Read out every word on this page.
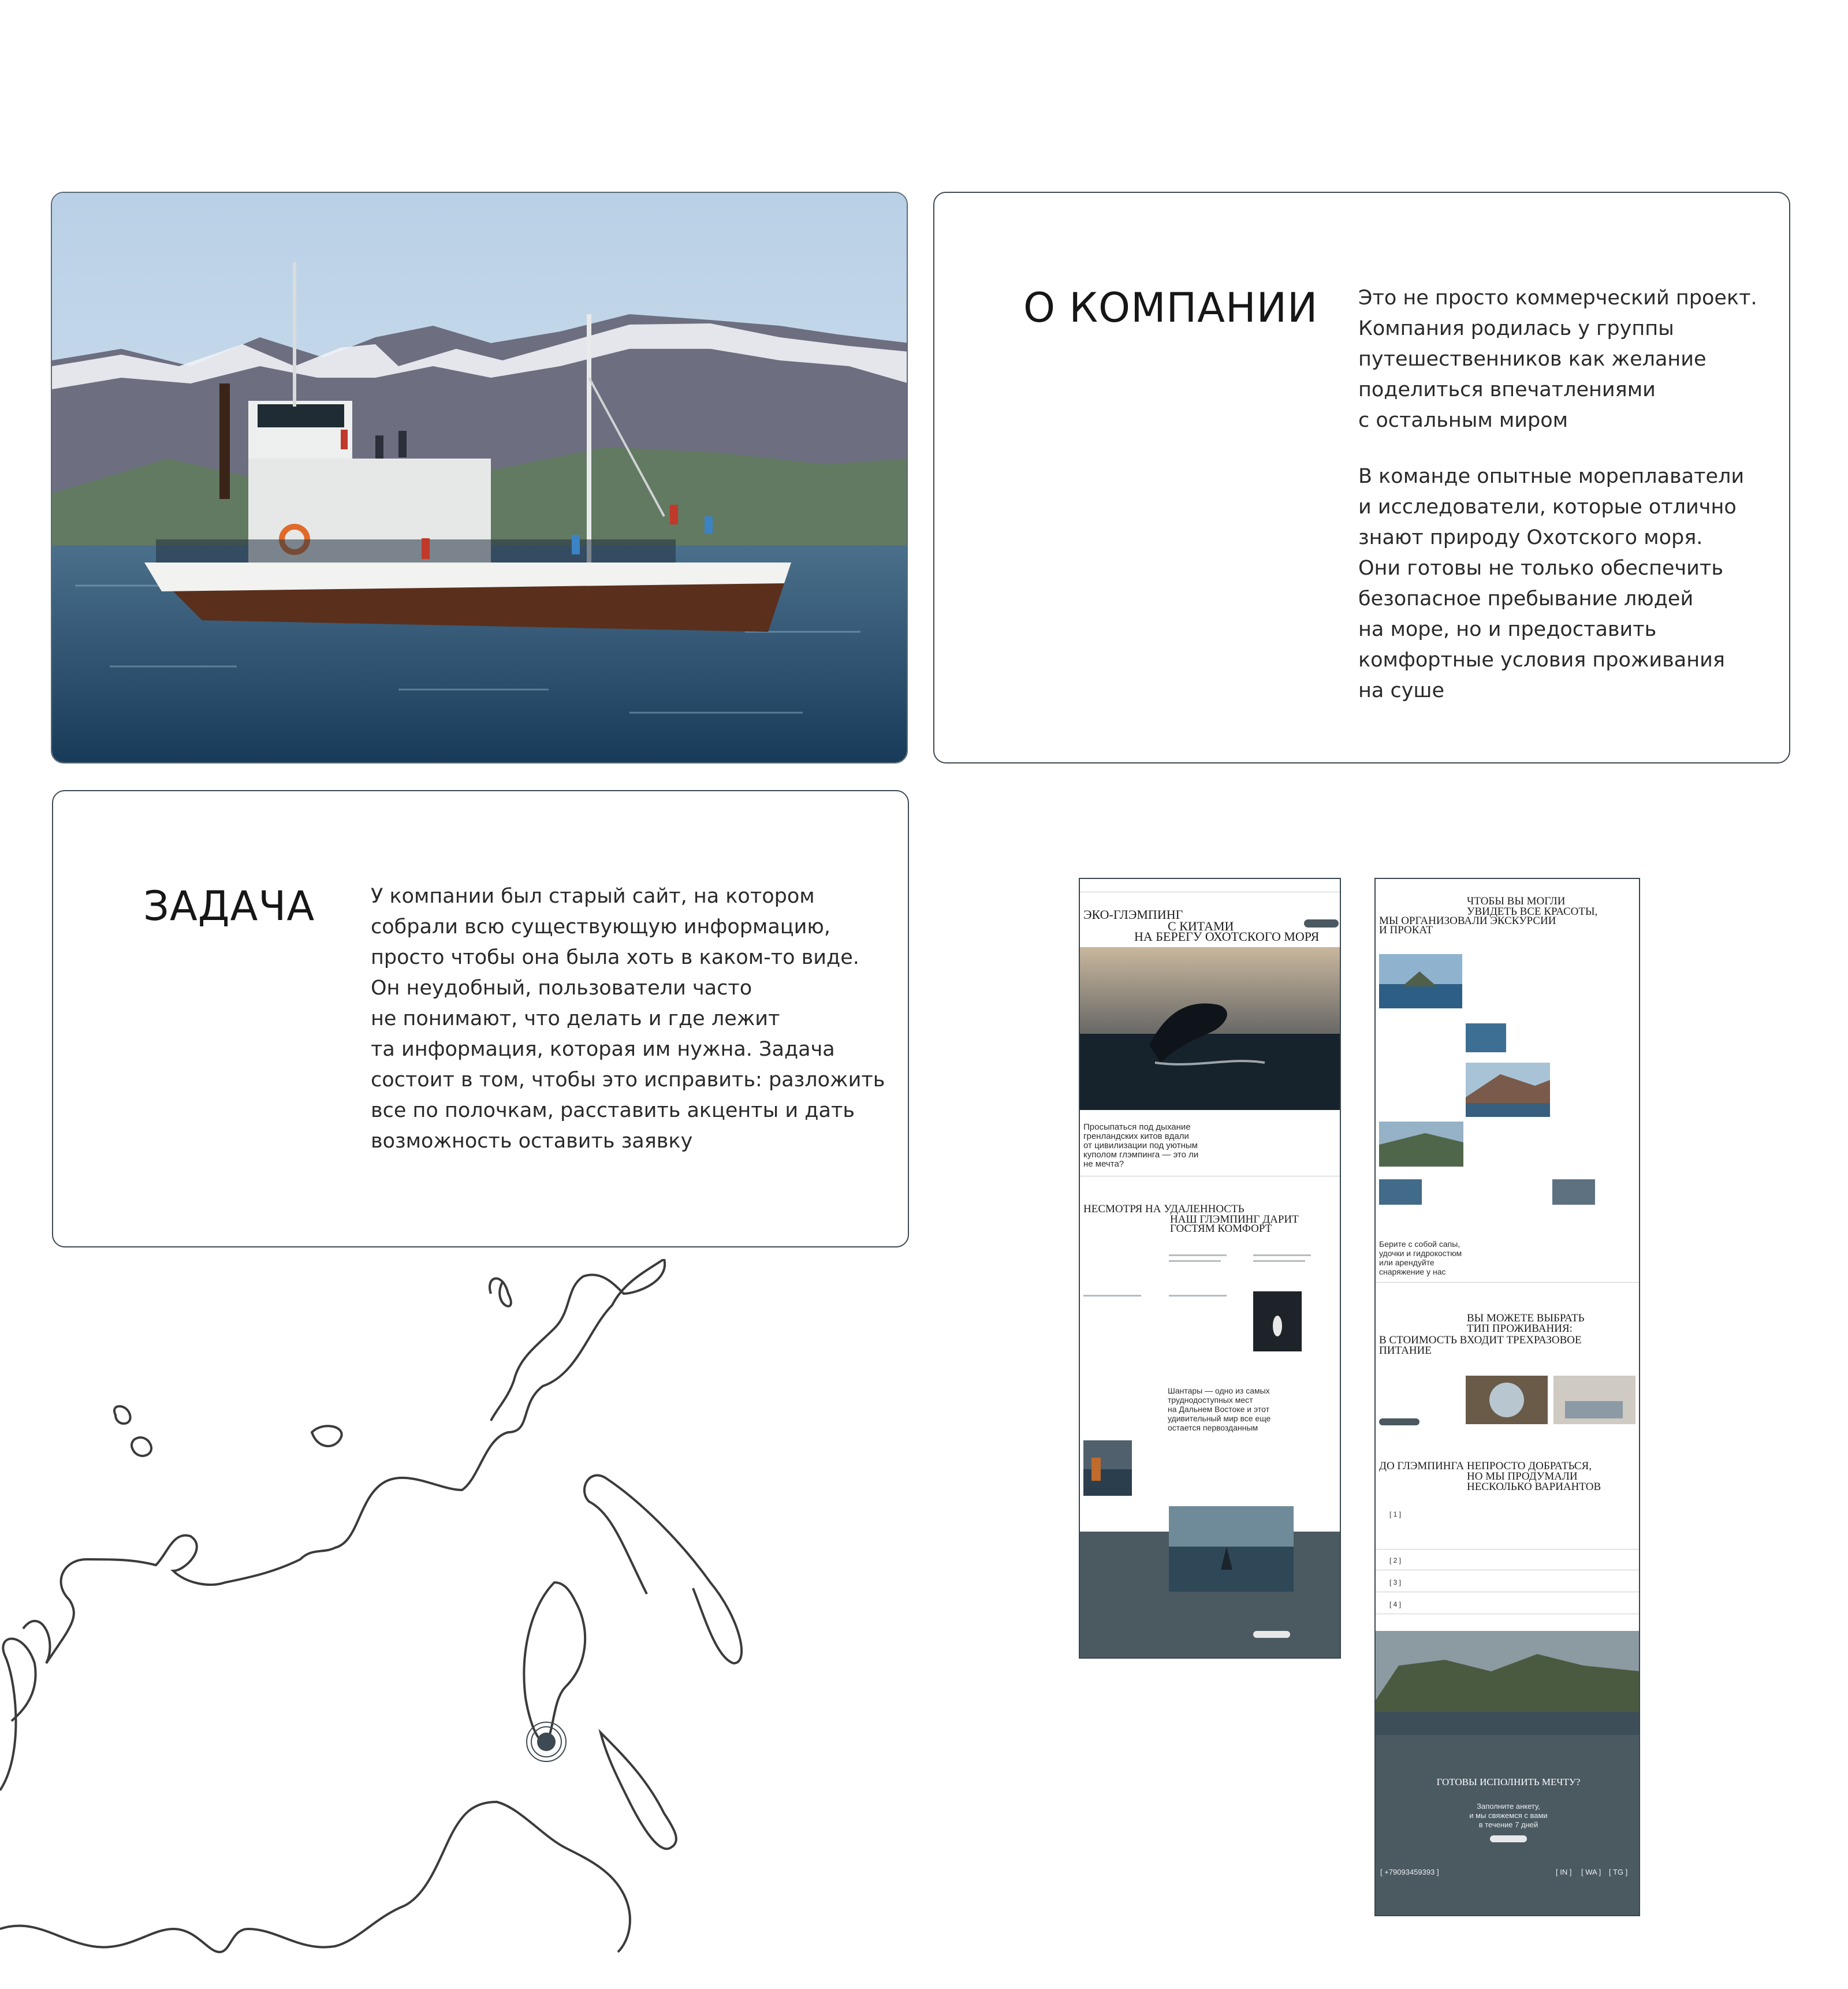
О КОМПАНИИ Это не просто коммерческий проект.
Компания родилась у группы
путешественников как желание
поделиться впечатлениями
с остальным миром

В команде опытные мореплаватели
и исследователи, которые отлично
знают природу Охотского моря.
Они готовы не только обеспечить
безопасное пребывание людей
на море, но и предоставить
комфортные условия проживания
на суше

ЗАДАЧА	У компании был старый сайт, на котором
собрали всю существующую информацию,
просто чтобы она была хоть в каком-то виде.
Он неудобный, пользователи часто
не понимают, что делать и где лежит
та информация, которая им нужна. Задача
состоит в том, чтобы это исправить: разложить
все по полочкам, расставить акценты и дать
возможность оставить заявку

ЭКО-ГЛЭМПИНГ
С КИТАМИ
НА БЕРЕГУ ОХОТСКОГО МОРЯ
Просыпаться под дыхание
гренландских китов вдали
от цивилизации под уютным
куполом глэмпинга — это ли
не мечта?
НЕСМОТРЯ НА УДАЛЕННОСТЬ
НАШ ГЛЭМПИНГ ДАРИТ
ГОСТЯМ КОМФОРТ
Шантары — одно из самых
труднодоступных мест
на Дальнем Востоке и этот
удивительный мир все еще
остается первозданным
ЧТОБЫ ВЫ МОГЛИ
УВИДЕТЬ ВСЕ КРАСОТЫ,
МЫ ОРГАНИЗОВАЛИ ЭКСКУРСИИ
И ПРОКАТ
Берите с собой сапы,
удочки и гидрокостюм
или арендуйте
снаряжение у нас
ВЫ МОЖЕТЕ ВЫБРАТЬ
ТИП ПРОЖИВАНИЯ:
В СТОИМОСТЬ ВХОДИТ ТРЕХРАЗОВОЕ
ПИТАНИЕ
ДО ГЛЭМПИНГА НЕПРОСТО ДОБРАТЬСЯ,
НО МЫ ПРОДУМАЛИ
НЕСКОЛЬКО ВАРИАНТОВ
[ 1 ]
[ 2 ]
[ 3 ]
[ 4 ]
ГОТОВЫ ИСПОЛНИТЬ МЕЧТУ?
Заполните анкету,
и мы свяжемся с вами
в течение 7 дней
[ +79093459393 ]	[ IN ] [ WA ] [ TG ]
